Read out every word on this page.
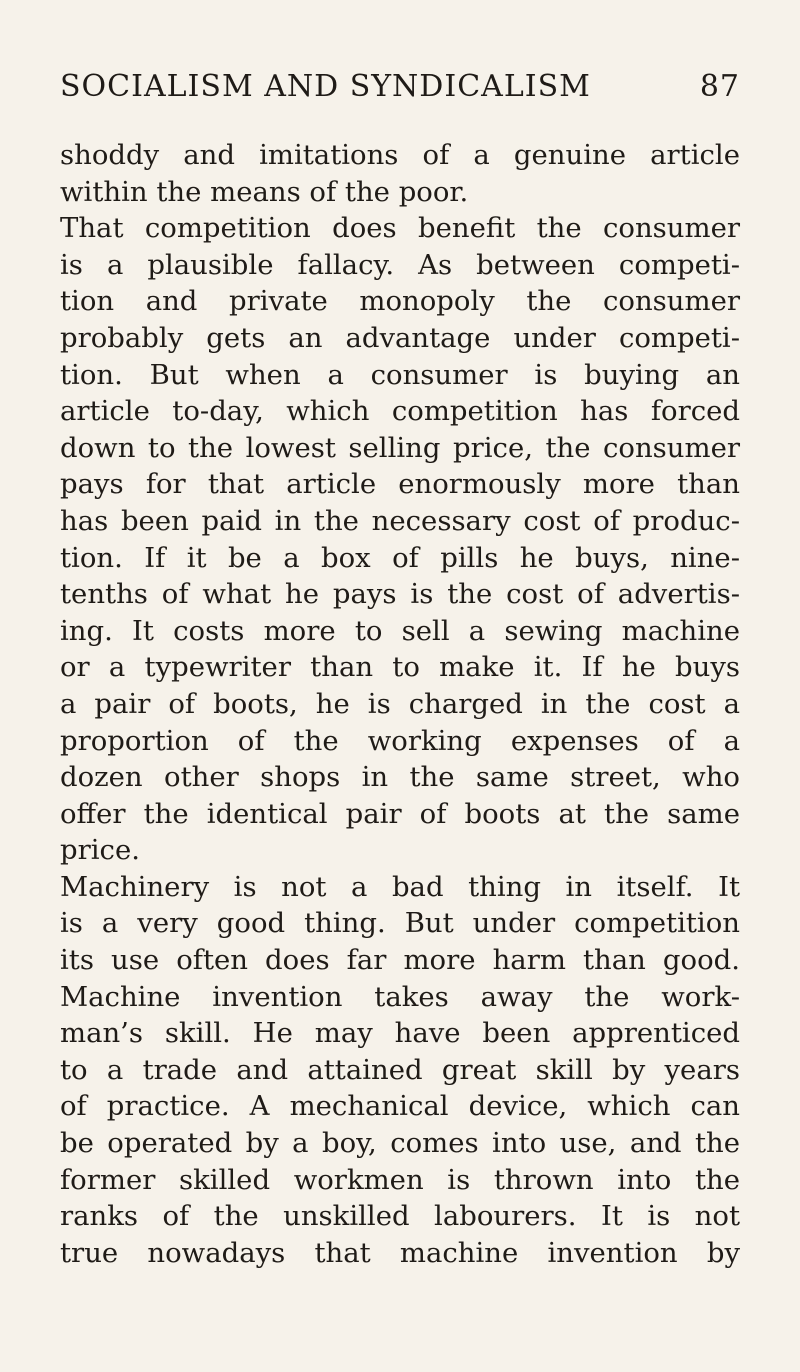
SOCIALISM AND SYNDICALISM	87
shoddy and imitations of a genuine article
within the means of the poor.
That competition does benefit the consumer
is a plausible fallacy. As between competi-
tion and private monopoly the consumer
probably gets an advantage under competi-
tion. But when a consumer is buying an
article to-day, which competition has forced
down to the lowest selling price, the consumer
pays for that article enormously more than
has been paid in the necessary cost of produc-
tion. If it be a box of pills he buys, nine-
tenths of what he pays is the cost of advertis-
ing. It costs more to sell a sewing machine
or a typewriter than to make it. If he buys
a pair of boots, he is charged in the cost a
proportion of the working expenses of a
dozen other shops in the same street, who
offer the identical pair of boots at the same
price.
Machinery is not a bad thing in itself. It
is a very good thing. But under competition
its use often does far more harm than good.
Machine invention takes away the work-
man’s skill. He may have been apprenticed
to a trade and attained great skill by years
of practice. A mechanical device, which can
be operated by a boy, comes into use, and the
former skilled workmen is thrown into the
ranks of the unskilled labourers. It is not
true nowadays that machine invention by
